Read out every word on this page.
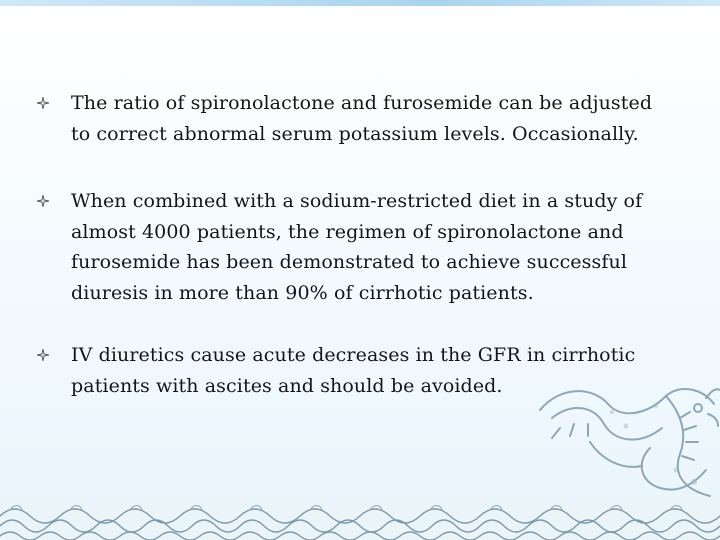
The ratio of spironolactone and furosemide can be adjusted to correct abnormal serum potassium levels. Occasionally.
When combined with a sodium-restricted diet in a study of almost 4000 patients, the regimen of spironolactone and furosemide has been demonstrated to achieve successful diuresis in more than 90% of cirrhotic patients.
IV diuretics cause acute decreases in the GFR in cirrhotic patients with ascites and should be avoided.
